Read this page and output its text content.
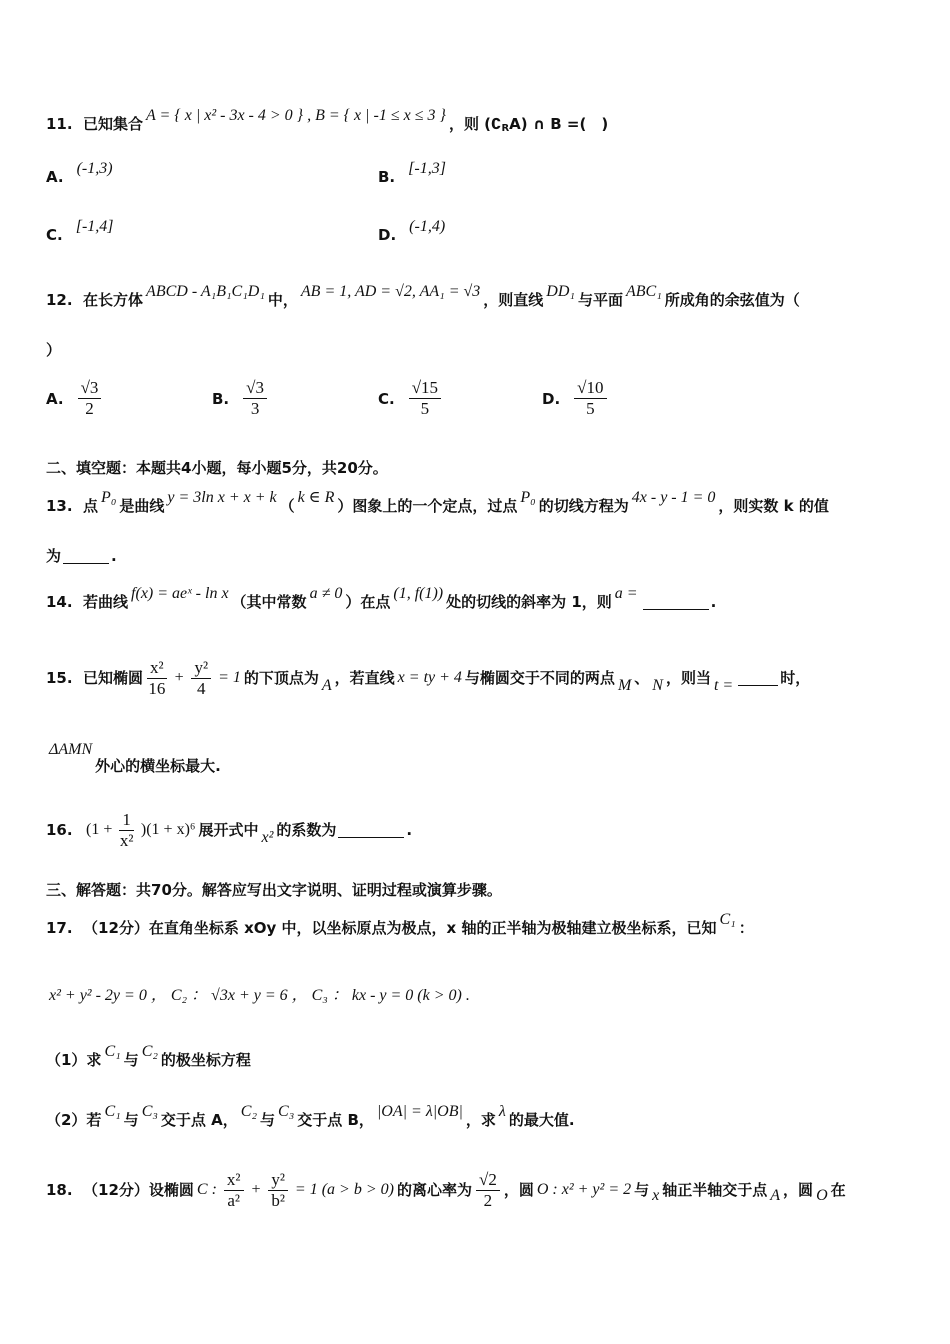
11.
已知集合 A = { x | x² - 3x - 4 > 0 } , B = { x | -1 ≤ x ≤ 3 } ，则 (∁ R A) ∩ B =(　)
A. (-1,3)	B. [-1,3]
C. [-1,4]	D. (-1,4)
12.
在长方体 ABCD - A₁B₁C₁D₁ 中， AB = 1, AD = √2, AA₁ = √3 ，则直线 DD₁ 与平面 ABC₁ 所成角的余弦值为（
）
A. $\frac{√3}{2}$	B. $\frac{√3}{3}$	C. $\frac{√15}{5}$	D. $\frac{√10}{5}$
二、填空题：本题共4小题，每小题5分，共20分。
13.
点 P₀ 是曲线 y = 3ln x + x + k （ k ∈ R ）图象上的一个定点，过点 P₀ 的切线方程为 4x - y - 1 = 0 ，则实数 k 的值
为	.
14.
若曲线 f(x) = aeˣ - ln x （其中常数 a ≠ 0 ）在点 (1, f(1)) 处的切线的斜率为 1，则 a =	.
15.
已知椭圆 $\frac{\text{x²}}{16} + \frac{\text{y²}}{4} = 1$ 的下顶点为 A ，若直线 x = ty + 4 与椭圆交于不同的两点 M 、 N ，则当 t =	时，
ΔAMN
外心的横坐标最大.
16.
$(1 + \frac{1}{\text{x²}} )(1 + x)^6$ 展开式中 x² 的系数为	.
三、解答题：共70分。解答应写出文字说明、证明过程或演算步骤。
17.
（12分）在直角坐标系 xOy 中，以坐标原点为极点，x 轴的正半轴为极轴建立极坐标系，已知 C₁ ：
x² + y² - 2y = 0 ， C₂ ： √3x + y = 6 ， C₃ ： kx - y = 0 (k > 0) .
（1）求 C₁ 与 C₂ 的极坐标方程
（2）若 C₁ 与 C₃ 交于点 A， C₂ 与 C₃ 交于点 B， |OA| = λ|OB| ，求 λ 的最大值.
18.
（12分）设椭圆 C : $\frac{\text{x²}}{\text{a²}} + \frac{\text{y²}}{\text{b²}} = 1$ (a > b > 0) 的离心率为 $\frac{√2}{2}$ ，圆 O : x² + y² = 2 与 x 轴正半轴交于点 A ，圆 O 在
